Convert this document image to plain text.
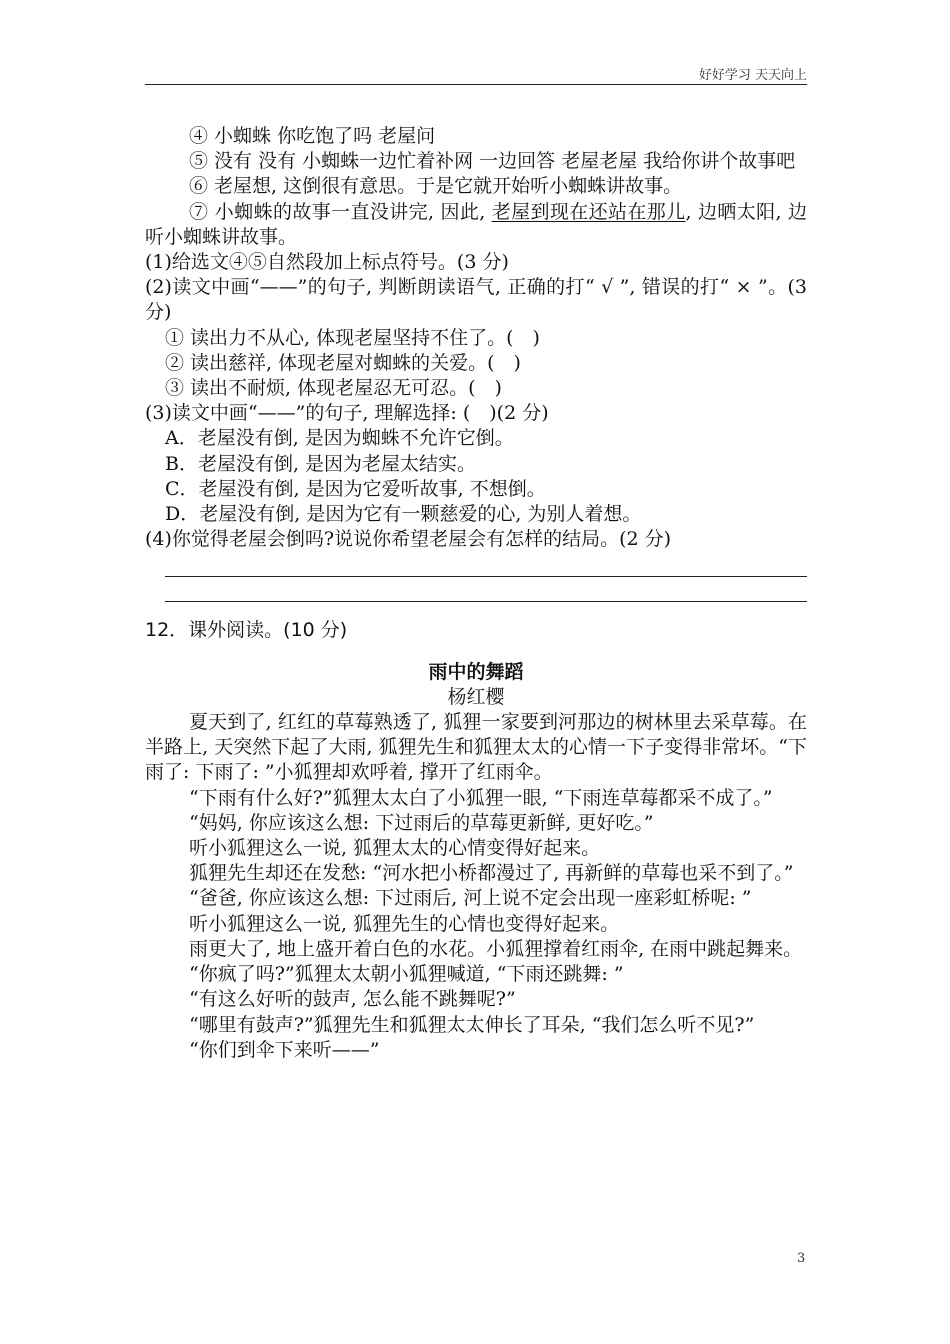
好好学习 天天向上

④ 小蜘蛛 你吃饱了吗 老屋问

⑤ 没有 没有 小蜘蛛一边忙着补网 一边回答 老屋老屋 我给你讲个故事吧

⑥ 老屋想, 这倒很有意思。于是它就开始听小蜘蛛讲故事。

⑦ 小蜘蛛的故事一直没讲完, 因此, 老屋到现在还站在那儿, 边晒太阳, 边听小蜘蛛讲故事。

(1)给选文④⑤自然段加上标点符号。(3 分)

(2)读文中画“——”的句子, 判断朗读语气, 正确的打“ √ ”, 错误的打“ × ”。(3 分)

① 读出力不从心, 体现老屋坚持不住了。(　)

② 读出慈祥, 体现老屋对蜘蛛的关爱。(　)

③ 读出不耐烦, 体现老屋忍无可忍。(　)

(3)读文中画“——”的句子, 理解选择: (　)(2 分)

A．老屋没有倒, 是因为蜘蛛不允许它倒。

B．老屋没有倒, 是因为老屋太结实。

C．老屋没有倒, 是因为它爱听故事, 不想倒。

D．老屋没有倒, 是因为它有一颗慈爱的心, 为别人着想。

(4)你觉得老屋会倒吗?说说你希望老屋会有怎样的结局。(2 分)

12．课外阅读。(10 分)

雨中的舞蹈

杨红樱

夏天到了, 红红的草莓熟透了, 狐狸一家要到河那边的树林里去采草莓。在半路上, 天突然下起了大雨, 狐狸先生和狐狸太太的心情一下子变得非常坏。“下雨了: 下雨了: ”小狐狸却欢呼着, 撑开了红雨伞。

“下雨有什么好?”狐狸太太白了小狐狸一眼, “下雨连草莓都采不成了。”

“妈妈, 你应该这么想: 下过雨后的草莓更新鲜, 更好吃。”

听小狐狸这么一说, 狐狸太太的心情变得好起来。

狐狸先生却还在发愁: “河水把小桥都漫过了, 再新鲜的草莓也采不到了。”

“爸爸, 你应该这么想: 下过雨后, 河上说不定会出现一座彩虹桥呢: ”

听小狐狸这么一说, 狐狸先生的心情也变得好起来。

雨更大了, 地上盛开着白色的水花。小狐狸撑着红雨伞, 在雨中跳起舞来。

“你疯了吗?”狐狸太太朝小狐狸喊道, “下雨还跳舞: ”

“有这么好听的鼓声, 怎么能不跳舞呢?”

“哪里有鼓声?”狐狸先生和狐狸太太伸长了耳朵, “我们怎么听不见?”

“你们到伞下来听——”

3
